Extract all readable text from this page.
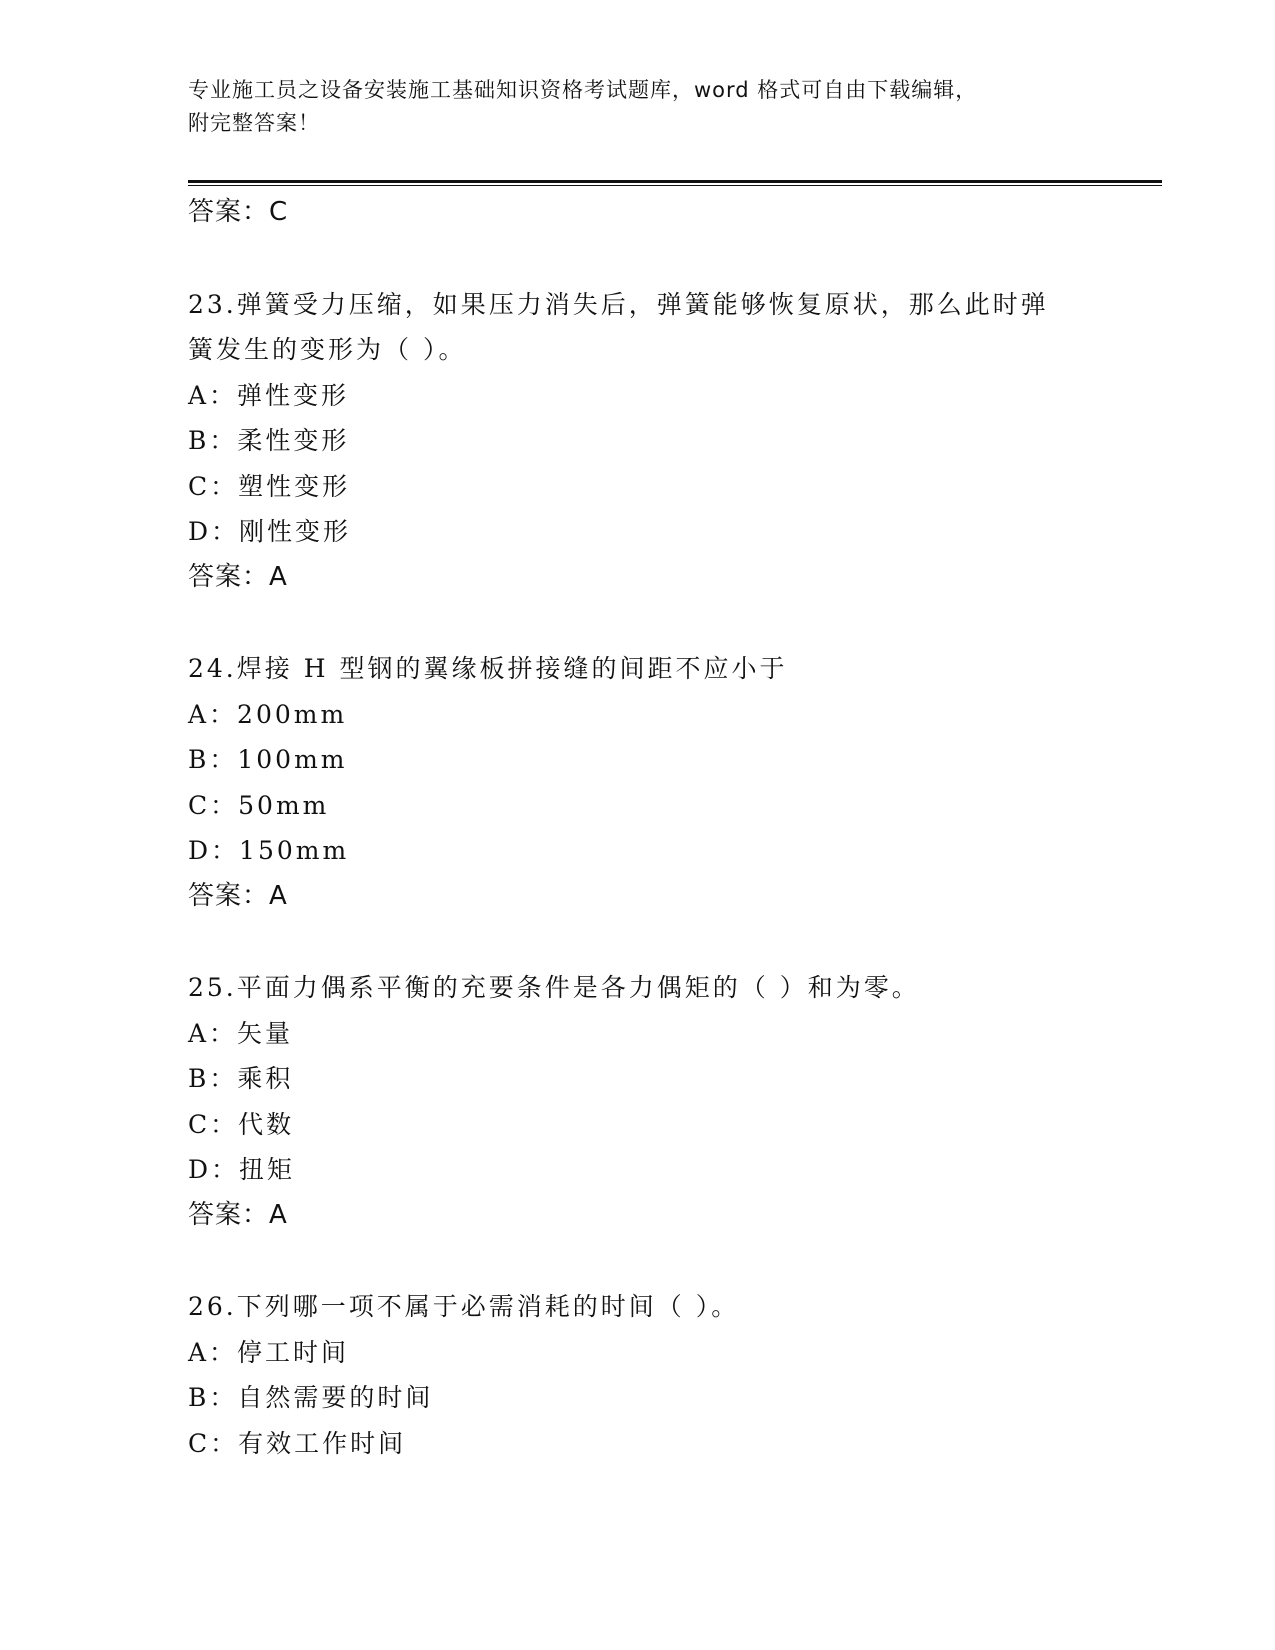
专业施工员之设备安装施工基础知识资格考试题库，word 格式可自由下载编辑，
附完整答案！
答案：C
23.弹簧受力压缩，如果压力消失后，弹簧能够恢复原状，那么此时弹
簧发生的变形为（ ）。
A：弹性变形
B：柔性变形
C：塑性变形
D：刚性变形
答案：A
24.焊接 H 型钢的翼缘板拼接缝的间距不应小于
A：200mm
B：100mm
C：50mm
D：150mm
答案：A
25.平面力偶系平衡的充要条件是各力偶矩的（ ）和为零。
A：矢量
B：乘积
C：代数
D：扭矩
答案：A
26.下列哪一项不属于必需消耗的时间（ ）。
A：停工时间
B：自然需要的时间
C：有效工作时间
